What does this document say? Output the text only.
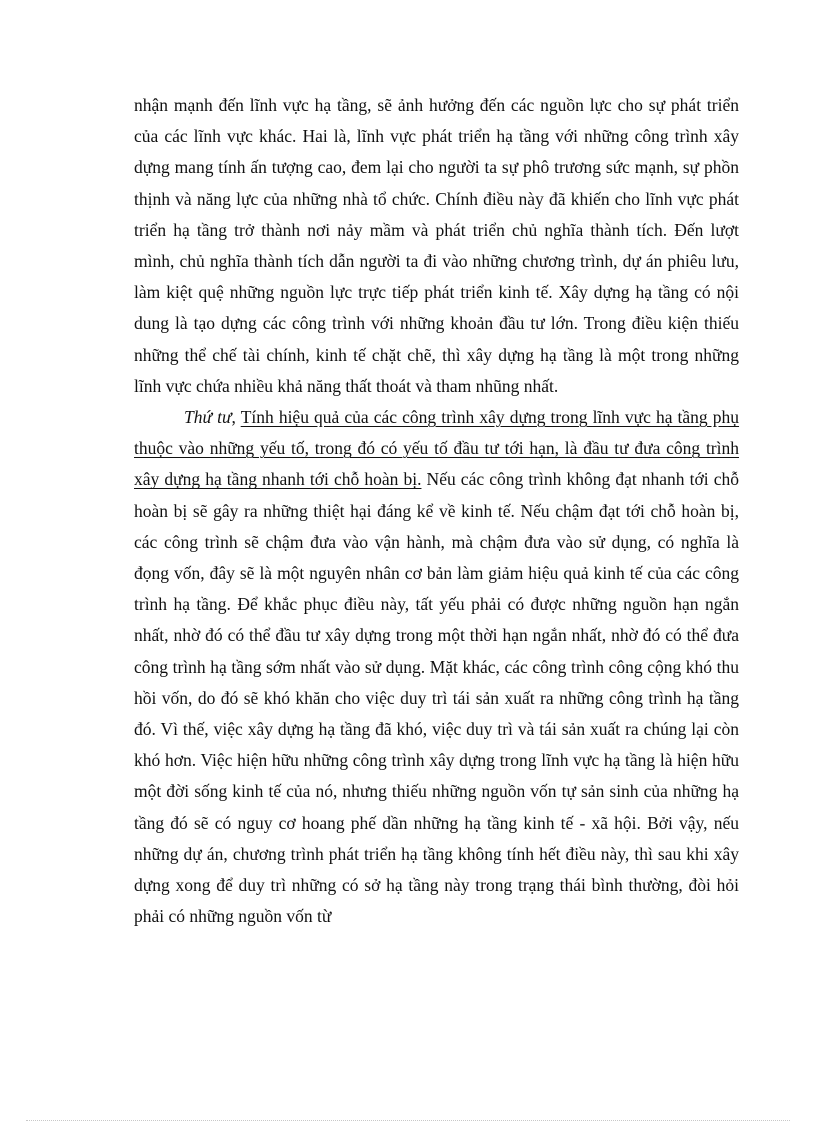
nhận mạnh đến lĩnh vực hạ tầng, sẽ ảnh hưởng đến các nguồn lực cho sự phát triển của các lĩnh vực khác. Hai là, lĩnh vực phát triển hạ tầng với những công trình xây dựng mang tính ấn tượng cao, đem lại cho người ta sự phô trương sức mạnh, sự phồn thịnh và năng lực của những nhà tổ chức. Chính điều này đã khiến cho lĩnh vực phát triển hạ tầng trở thành nơi nảy mầm và phát triển chủ nghĩa thành tích. Đến lượt mình, chủ nghĩa thành tích dẫn người ta đi vào những chương trình, dự án phiêu lưu, làm kiệt quệ những nguồn lực trực tiếp phát triển kinh tế. Xây dựng hạ tầng có nội dung là tạo dựng các công trình với những khoản đầu tư lớn. Trong điều kiện thiếu những thể chế tài chính, kinh tế chặt chẽ, thì xây dựng hạ tầng là một trong những lĩnh vực chứa nhiều khả năng thất thoát và tham nhũng nhất.

Thứ tư, Tính hiệu quả của các công trình xây dựng trong lĩnh vực hạ tầng phụ thuộc vào những yếu tố, trong đó có yếu tố đầu tư tới hạn, là đầu tư đưa công trình xây dựng hạ tầng nhanh tới chỗ hoàn bị. Nếu các công trình không đạt nhanh tới chỗ hoàn bị sẽ gây ra những thiệt hại đáng kể về kinh tế. Nếu chậm đạt tới chỗ hoàn bị, các công trình sẽ chậm đưa vào vận hành, mà chậm đưa vào sử dụng, có nghĩa là đọng vốn, đây sẽ là một nguyên nhân cơ bản làm giảm hiệu quả kinh tế của các công trình hạ tầng. Để khắc phục điều này, tất yếu phải có được những nguồn hạn ngắn nhất, nhờ đó có thể đầu tư xây dựng trong một thời hạn ngắn nhất, nhờ đó có thể đưa công trình hạ tầng sớm nhất vào sử dụng. Mặt khác, các công trình công cộng khó thu hồi vốn, do đó sẽ khó khăn cho việc duy trì tái sản xuất ra những công trình hạ tầng đó. Vì thế, việc xây dựng hạ tầng đã khó, việc duy trì và tái sản xuất ra chúng lại còn khó hơn. Việc hiện hữu những công trình xây dựng trong lĩnh vực hạ tầng là hiện hữu một đời sống kinh tế của nó, nhưng thiếu những nguồn vốn tự sản sinh của những hạ tầng đó sẽ có nguy cơ hoang phế dần những hạ tầng kinh tế - xã hội. Bởi vậy, nếu những dự án, chương trình phát triển hạ tầng không tính hết điều này, thì sau khi xây dựng xong để duy trì những có sở hạ tầng này trong trạng thái bình thường, đòi hỏi phải có những nguồn vốn từ
